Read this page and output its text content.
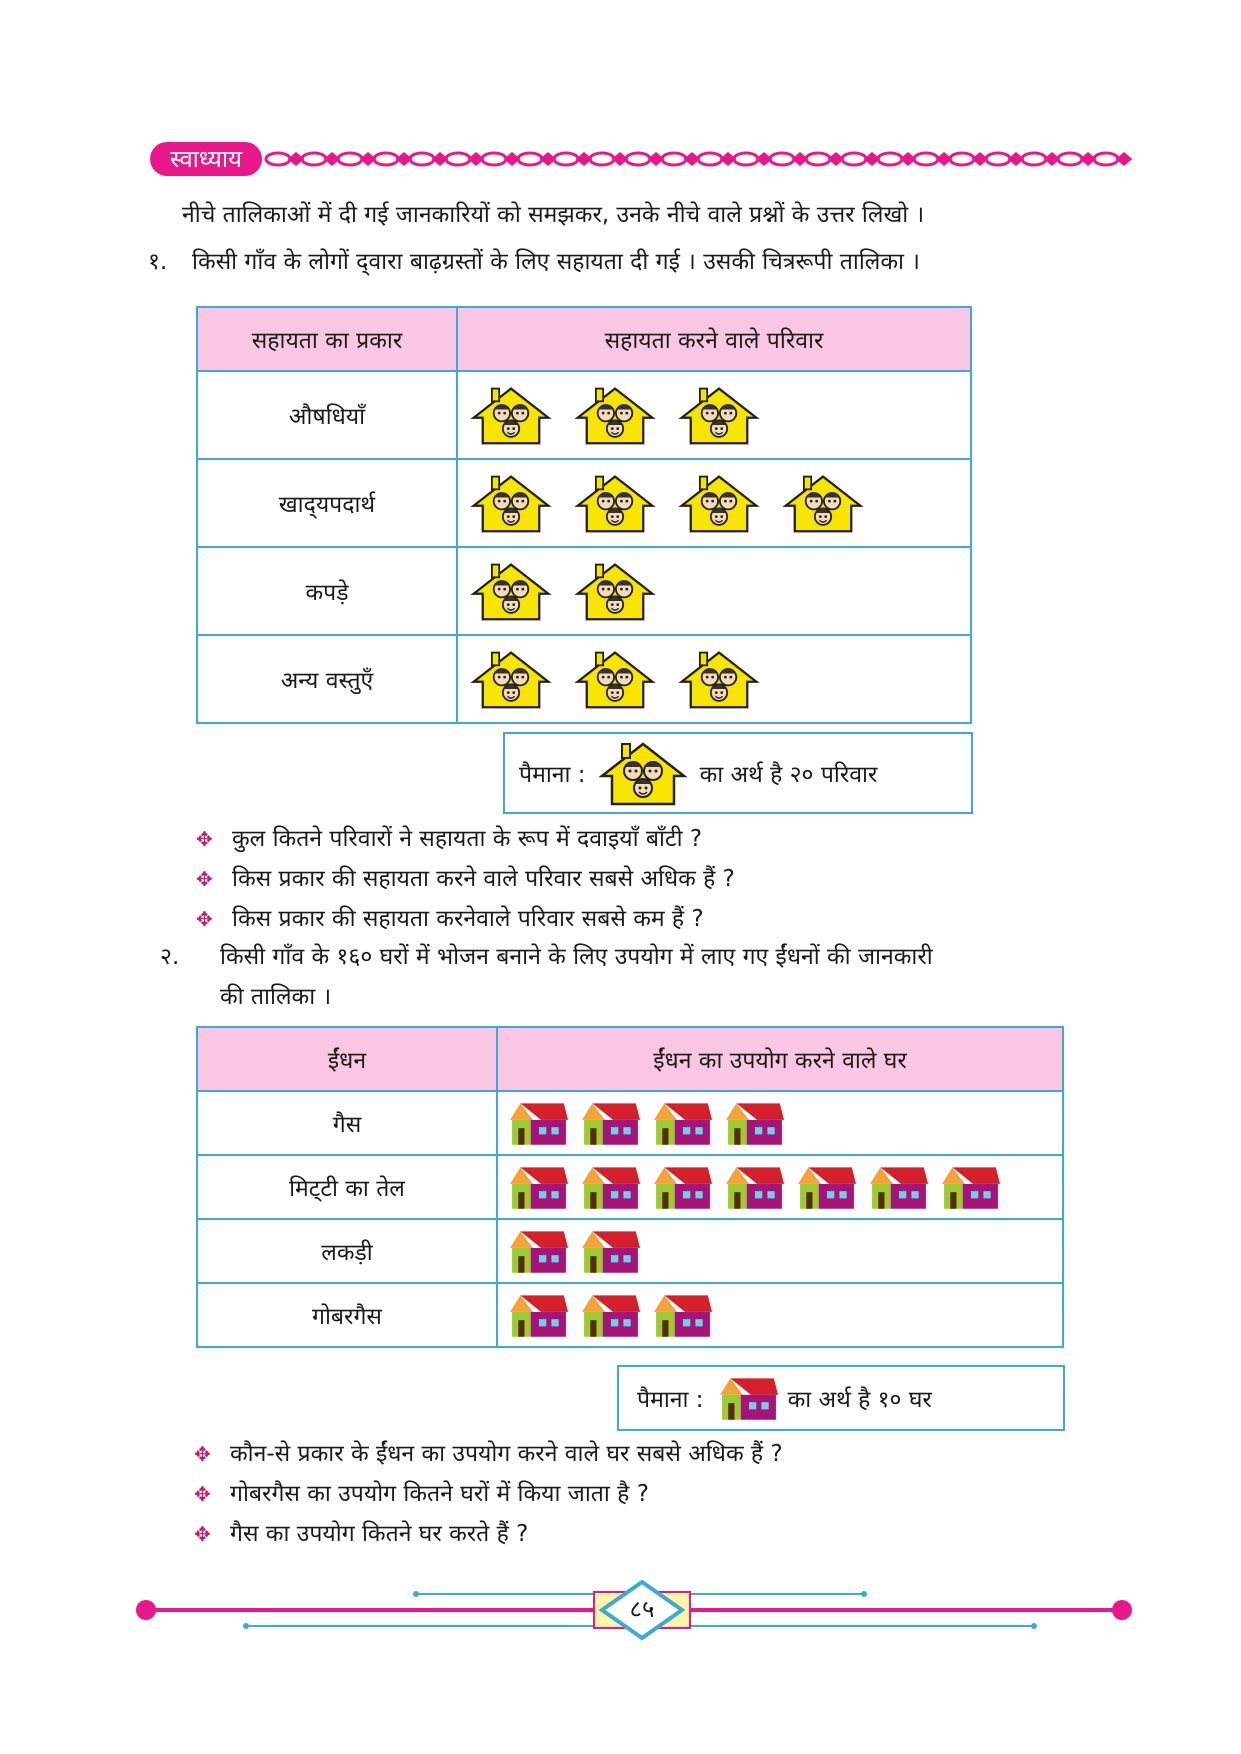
स्वाध्याय
नीचे तालिकाओं में दी गई जानकारियों को समझकर, उनके नीचे वाले प्रश्नों के उत्तर लिखो ।
१. किसी गाँव के लोगों द्‌वारा बाढ़ग्रस्तों के लिए सहायता दी गई । उसकी चित्ररूपी तालिका ।
सहायता का प्रकार	सहायता करने वाले परिवार
औषधियाँ	
खाद्‌यपदार्थ	
कपड़े	
अन्य वस्तुएँ	
पैमाना :	का अर्थ है २० परिवार
✥ कुल कितने परिवारों ने सहायता के रूप में दवाइयाँ बाँटी ?
✥ किस प्रकार की सहायता करने वाले परिवार सबसे अधिक हैं ?
✥ किस प्रकार की सहायता करनेवाले परिवार सबसे कम हैं ?
२. किसी गाँव के १६० घरों में भोजन बनाने के लिए उपयोग में लाए गए ईंधनों की जानकारी
की तालिका ।
ईंधन	ईंधन का उपयोग करने वाले घर
गैस	
मिट्‌टी का तेल	
लकड़ी	
गोबरगैस	
पैमाना :	का अर्थ है १० घर
✥ कौन-से प्रकार के ईंधन का उपयोग करने वाले घर सबसे अधिक हैं ?
✥ गोबरगैस का उपयोग कितने घरों में किया जाता है ?
✥ गैस का उपयोग कितने घर करते हैं ?
८५
